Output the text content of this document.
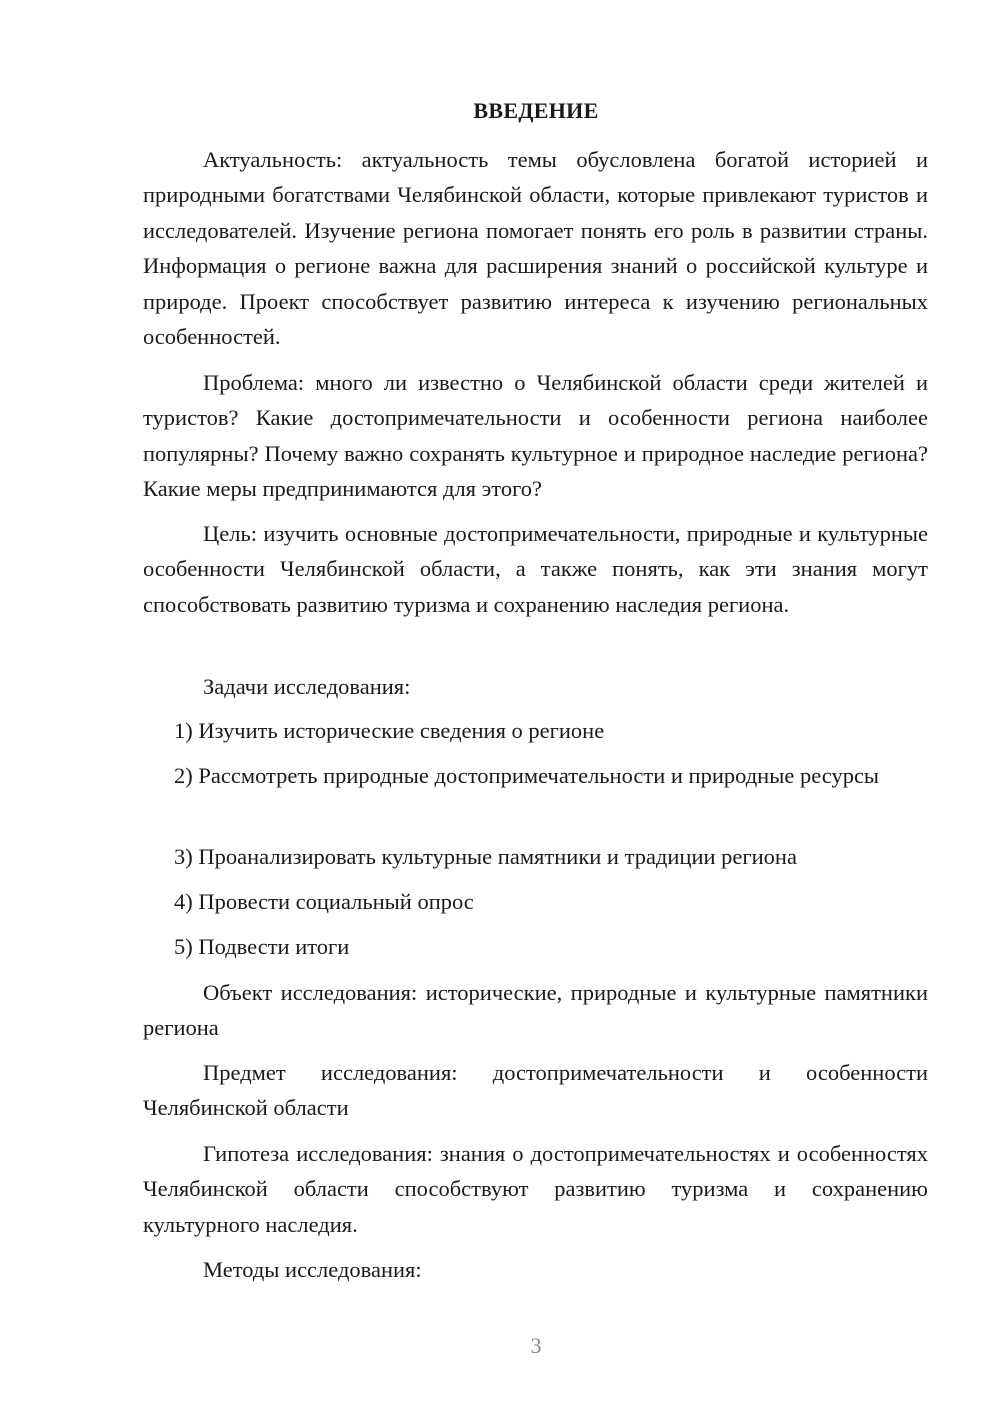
ВВЕДЕНИЕ

Актуальность: актуальность темы обусловлена богатой историей и природными богатствами Челябинской области, которые привлекают туристов и исследователей. Изучение региона помогает понять его роль в развитии страны. Информация о регионе важна для расширения знаний о российской культуре и природе. Проект способствует развитию интереса к изучению региональных особенностей.

Проблема: много ли известно о Челябинской области среди жителей и туристов? Какие достопримечательности и особенности региона наиболее популярны? Почему важно сохранять культурное и природное наследие региона? Какие меры предпринимаются для этого?

Цель: изучить основные достопримечательности, природные и культурные особенности Челябинской области, а также понять, как эти знания могут способствовать развитию туризма и сохранению наследия региона.

Задачи исследования:

1) Изучить исторические сведения о регионе

2) Рассмотреть природные достопримечательности и природные ресурсы

3) Проанализировать культурные памятники и традиции региона

4) Провести социальный опрос

5) Подвести итоги

Объект исследования: исторические, природные и культурные памятники региона

Предмет исследования: достопримечательности и особенности Челябинской области

Гипотеза исследования: знания о достопримечательностях и особенностях Челябинской области способствуют развитию туризма и сохранению культурного наследия.

Методы исследования:

3
